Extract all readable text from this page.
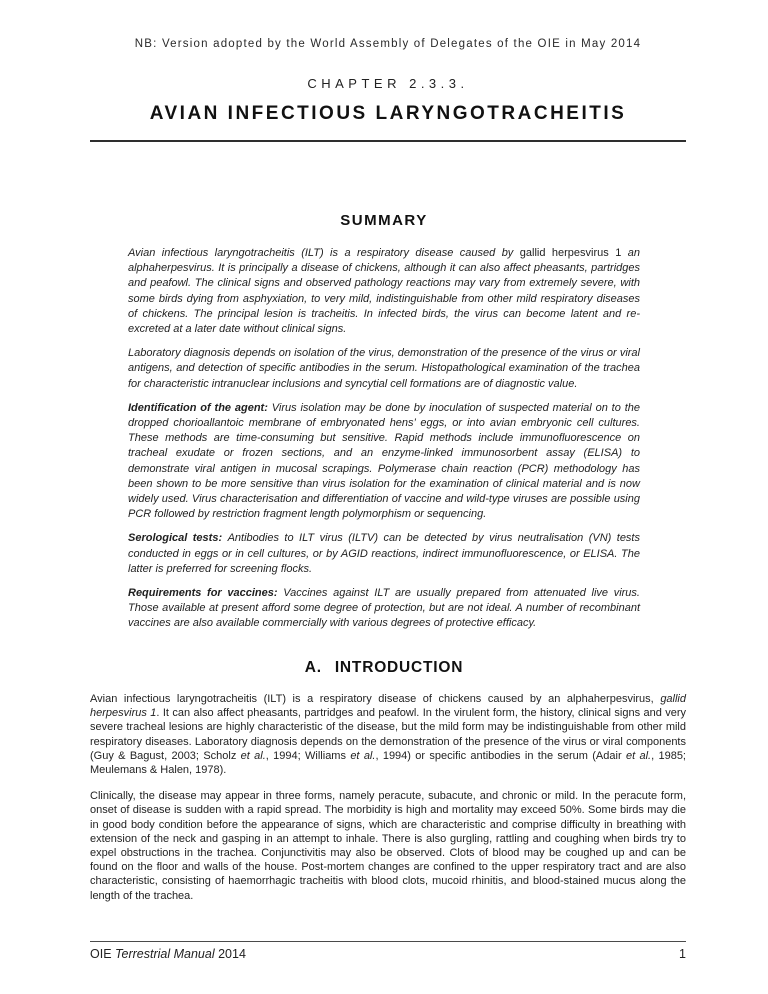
NB: Version adopted by the World Assembly of Delegates of the OIE in May 2014
CHAPTER 2.3.3.
AVIAN INFECTIOUS LARYNGOTRACHEITIS
SUMMARY

Avian infectious laryngotracheitis (ILT) is a respiratory disease caused by gallid herpesvirus 1 an alphaherpesvirus. It is principally a disease of chickens, although it can also affect pheasants, partridges and peafowl. The clinical signs and observed pathology reactions may vary from extremely severe, with some birds dying from asphyxiation, to very mild, indistinguishable from other mild respiratory diseases of chickens. The principal lesion is tracheitis. In infected birds, the virus can become latent and re-excreted at a later date without clinical signs.

Laboratory diagnosis depends on isolation of the virus, demonstration of the presence of the virus or viral antigens, and detection of specific antibodies in the serum. Histopathological examination of the trachea for characteristic intranuclear inclusions and syncytial cell formations are of diagnostic value.

Identification of the agent: Virus isolation may be done by inoculation of suspected material on to the dropped chorioallantoic membrane of embryonated hens’ eggs, or into avian embryonic cell cultures. These methods are time-consuming but sensitive. Rapid methods include immunofluorescence on tracheal exudate or frozen sections, and an enzyme-linked immunosorbent assay (ELISA) to demonstrate viral antigen in mucosal scrapings. Polymerase chain reaction (PCR) methodology has been shown to be more sensitive than virus isolation for the examination of clinical material and is now widely used. Virus characterisation and differentiation of vaccine and wild-type viruses are possible using PCR followed by restriction fragment length polymorphism or sequencing.

Serological tests: Antibodies to ILT virus (ILTV) can be detected by virus neutralisation (VN) tests conducted in eggs or in cell cultures, or by AGID reactions, indirect immunofluorescence, or ELISA. The latter is preferred for screening flocks.

Requirements for vaccines: Vaccines against ILT are usually prepared from attenuated live virus. Those available at present afford some degree of protection, but are not ideal. A number of recombinant vaccines are also available commercially with various degrees of protective efficacy.

A. INTRODUCTION

Avian infectious laryngotracheitis (ILT) is a respiratory disease of chickens caused by an alphaherpesvirus, gallid herpesvirus 1. It can also affect pheasants, partridges and peafowl. In the virulent form, the history, clinical signs and very severe tracheal lesions are highly characteristic of the disease, but the mild form may be indistinguishable from other mild respiratory diseases. Laboratory diagnosis depends on the demonstration of the presence of the virus or viral components (Guy & Bagust, 2003; Scholz et al., 1994; Williams et al., 1994) or specific antibodies in the serum (Adair et al., 1985; Meulemans & Halen, 1978).

Clinically, the disease may appear in three forms, namely peracute, subacute, and chronic or mild. In the peracute form, onset of disease is sudden with a rapid spread. The morbidity is high and mortality may exceed 50%. Some birds may die in good body condition before the appearance of signs, which are characteristic and comprise difficulty in breathing with extension of the neck and gasping in an attempt to inhale. There is also gurgling, rattling and coughing when birds try to expel obstructions in the trachea. Conjunctivitis may also be observed. Clots of blood may be coughed up and can be found on the floor and walls of the house. Post-mortem changes are confined to the upper respiratory tract and are also characteristic, consisting of haemorrhagic tracheitis with blood clots, mucoid rhinitis, and blood-stained mucus along the length of the trachea.

OIE Terrestrial Manual 2014	1
